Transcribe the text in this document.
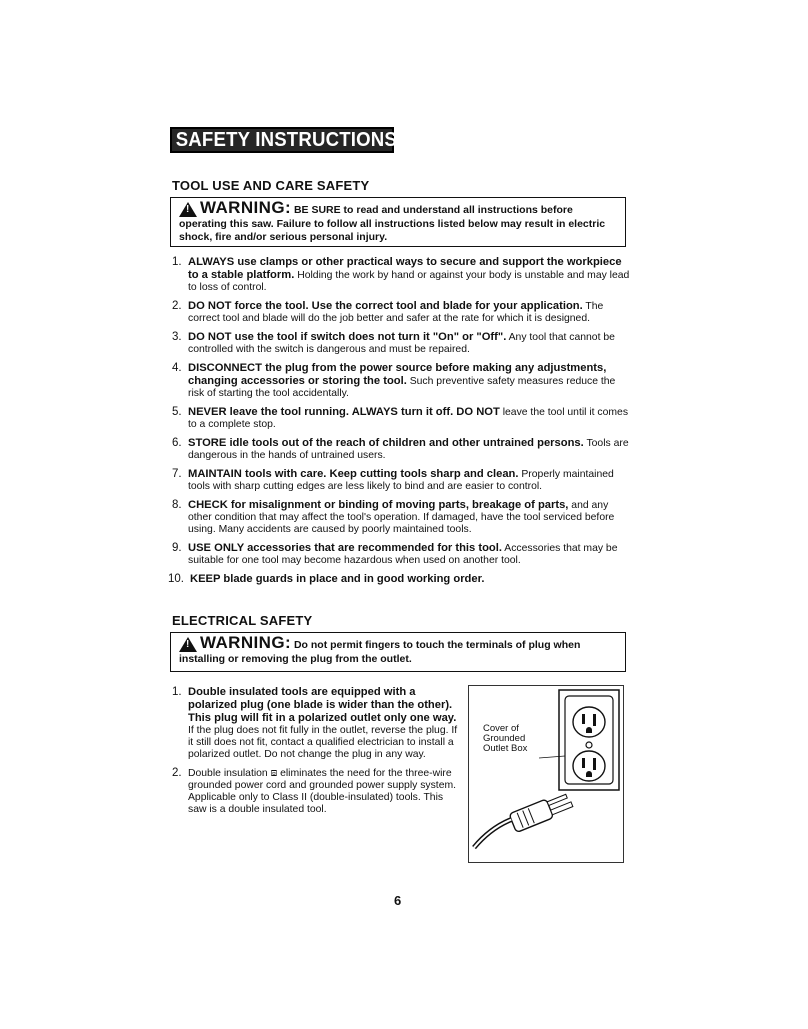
SAFETY INSTRUCTIONS cont.
TOOL USE AND CARE SAFETY
!WARNING: BE SURE to read and understand all instructions before operating this saw. Failure to follow all instructions listed below may result in electric shock, fire and/or serious personal injury.
1. ALWAYS use clamps or other practical ways to secure and support the workpiece to a stable platform. Holding the work by hand or against your body is unstable and may lead to loss of control.
2. DO NOT force the tool. Use the correct tool and blade for your application. The correct tool and blade will do the job better and safer at the rate for which it is designed.
3. DO NOT use the tool if switch does not turn it "On" or "Off". Any tool that cannot be controlled with the switch is dangerous and must be repaired.
4. DISCONNECT the plug from the power source before making any adjustments, changing accessories or storing the tool. Such preventive safety measures reduce the risk of starting the tool accidentally.
5. NEVER leave the tool running. ALWAYS turn it off. DO NOT leave the tool until it comes to a complete stop.
6. STORE idle tools out of the reach of children and other untrained persons. Tools are dangerous in the hands of untrained users.
7. MAINTAIN tools with care. Keep cutting tools sharp and clean. Properly maintained tools with sharp cutting edges are less likely to bind and are easier to control.
8. CHECK for misalignment or binding of moving parts, breakage of parts, and any other condition that may affect the tool's operation. If damaged, have the tool serviced before using. Many accidents are caused by poorly maintained tools.
9. USE ONLY accessories that are recommended for this tool. Accessories that may be suitable for one tool may become hazardous when used on another tool.
10. KEEP blade guards in place and in good working order.
ELECTRICAL SAFETY
!WARNING: Do not permit fingers to touch the terminals of plug when installing or removing the plug from the outlet.
1. Double insulated tools are equipped with a polarized plug (one blade is wider than the other). This plug will fit in a polarized outlet only one way. If the plug does not fit fully in the outlet, reverse the plug. If it still does not fit, contact a qualified electrician to install a polarized outlet. Do not change the plug in any way.
2. Double insulation ⧈ eliminates the need for the three-wire grounded power cord and grounded power supply system. Applicable only to Class II (double-insulated) tools. This saw is a double insulated tool.
Cover of Grounded Outlet Box
6
